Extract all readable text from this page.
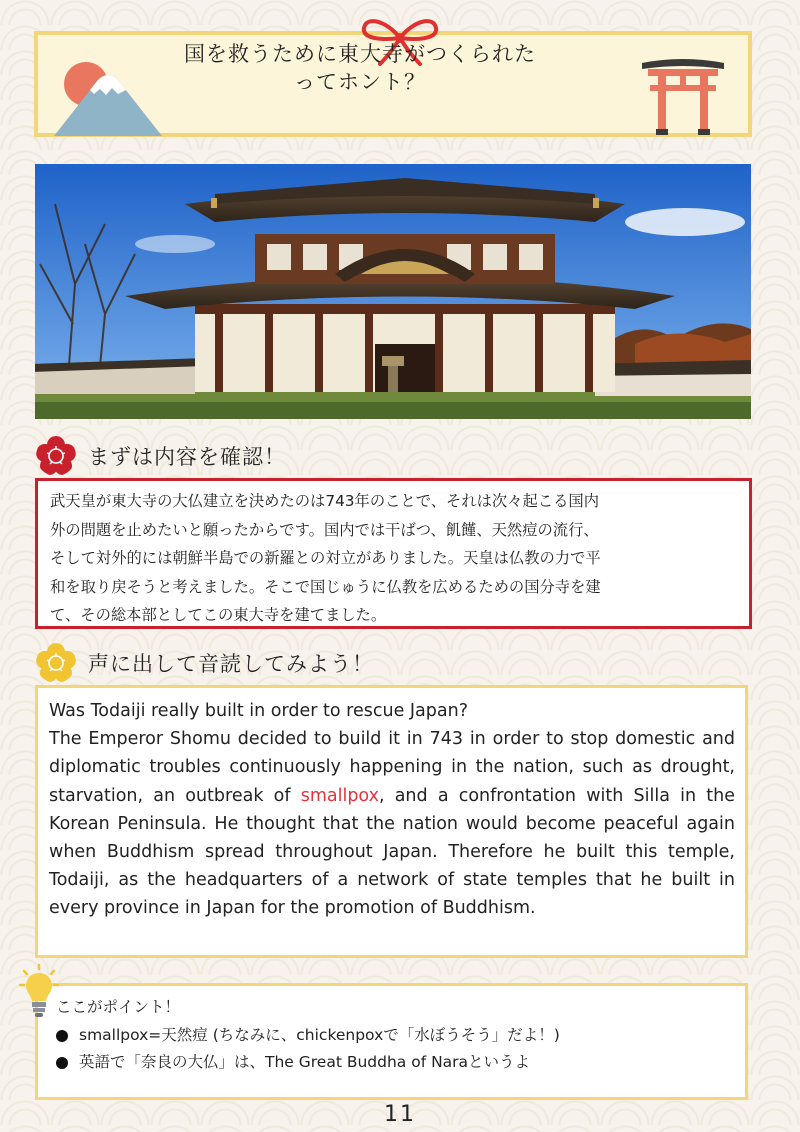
国を救うために東大寺がつくられた
ってホント？
まずは内容を確認！
武天皇が東大寺の大仏建立を決めたのは743年のことで、それは次々起こる国内
外の問題を止めたいと願ったからです。国内では干ばつ、飢饉、天然痘の流行、
そして対外的には朝鮮半島での新羅との対立がありました。天皇は仏教の力で平
和を取り戻そうと考えました。そこで国じゅうに仏教を広めるための国分寺を建
て、その総本部としてこの東大寺を建てました。
声に出して音読してみよう！
Was Todaiji really built in order to rescue Japan?
The Emperor Shomu decided to build it in 743 in order to stop domestic and diplomatic troubles continuously happening in the nation, such as drought, starvation, an outbreak of smallpox, and a confrontation with Silla in the Korean Peninsula. He thought that the nation would become peaceful again when Buddhism spread throughout Japan. Therefore he built this temple, Todaiji, as the headquarters of a network of state temples that he built in every province in Japan for the promotion of Buddhism.
ここがポイント！
smallpox=天然痘 (ちなみに、chickenpoxで「水ぼうそう」だよ！)
英語で「奈良の大仏」は、The Great Buddha of Naraというよ
11
